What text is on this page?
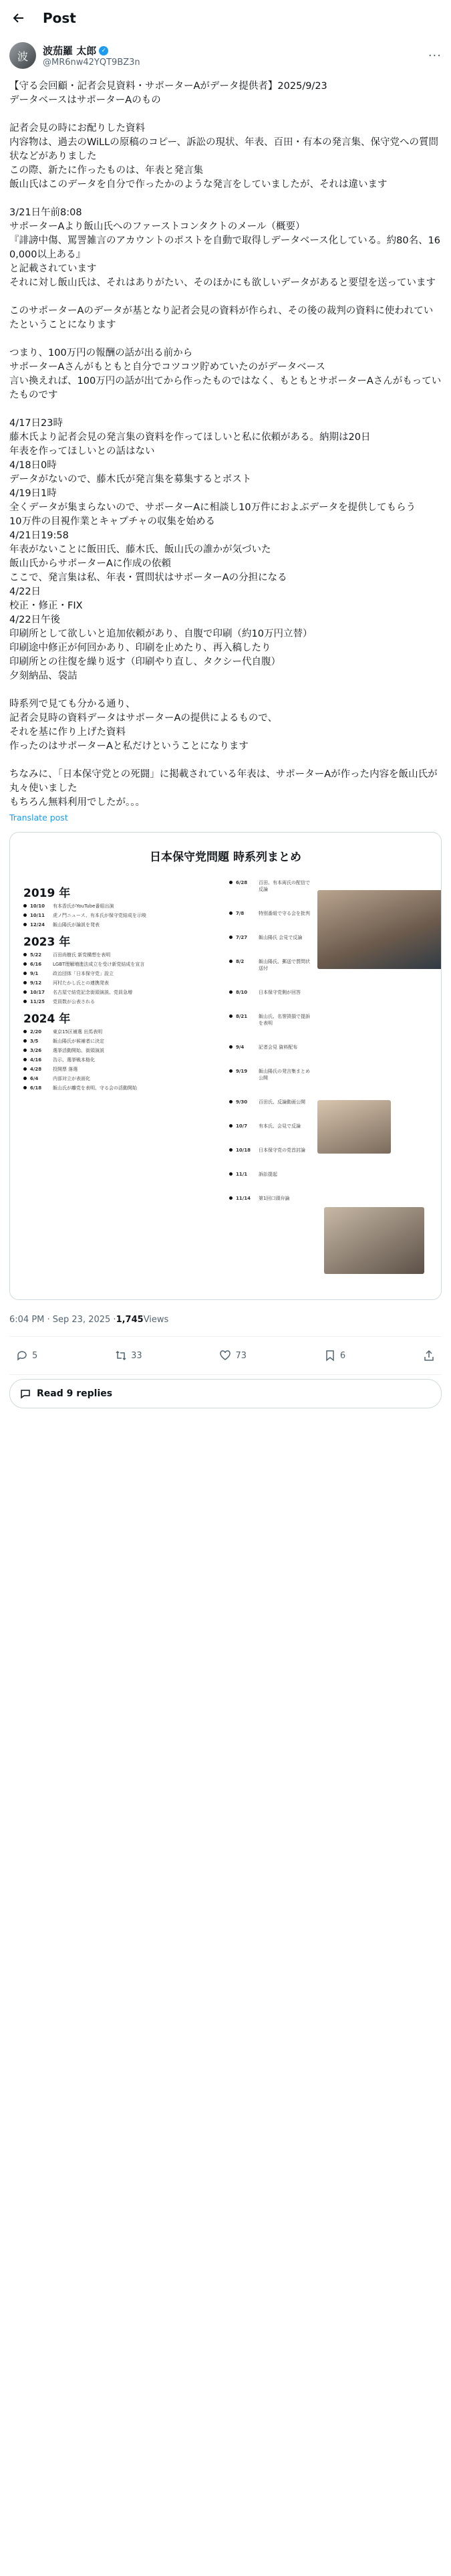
Post
波 波茄羅 太郎 ✓
@MR6nw42YQT9BZ3n	···
【守る会回顧・記者会見資料・サポーターAがデータ提供者】2025/9/23
データベースはサポーターAのもの

記者会見の時にお配りした資料
内容物は、過去のWiLLの原稿のコピー、訴訟の現状、年表、百田・有本の発言集、保守党への質問状などがありました
この際、新たに作ったものは、年表と発言集
飯山氏はこのデータを自分で作ったかのような発言をしていましたが、それは違います

3/21日午前8:08
サポーターAより飯山氏へのファーストコンタクトのメール（概要）
『誹謗中傷、罵詈雑言のアカウントのポストを自動で取得しデータベース化している。約80名、160,000以上ある』
と記載されています
それに対し飯山氏は、それはありがたい、そのほかにも欲しいデータがあると要望を送っています

このサポーターAのデータが基となり記者会見の資料が作られ、その後の裁判の資料に使われていたということになります

つまり、100万円の報酬の話が出る前から
サポーターAさんがもともと自分でコツコツ貯めていたのがデータベース
言い換えれば、100万円の話が出てから作ったものではなく、もともとサポーターAさんがもっていたものです

4/17日23時
藤木氏より記者会見の発言集の資料を作ってほしいと私に依頼がある。納期は20日
年表を作ってほしいとの話はない
4/18日0時
データがないので、藤木氏が発言集を募集するとポスト
4/19日1時
全くデータが集まらないので、サポーターAに相談し10万件におよぶデータを提供してもらう
10万件の目視作業とキャプチャの収集を始める
4/21日19:58
年表がないことに飯田氏、藤木氏、飯山氏の誰かが気づいた
飯山氏からサポーターAに作成の依頼
ここで、発言集は私、年表・質問状はサポーターAの分担になる
4/22日
校正・修正・FIX
4/22日午後
印刷所として欲しいと追加依頼があり、自腹で印刷（約10万円立替）
印刷途中修正が何回かあり、印刷を止めたり、再入稿したり
印刷所との往復を繰り返す（印刷やり直し、タクシー代自腹）
夕刻納品、袋詰

時系列で見ても分かる通り、
記者会見時の資料データはサポーターAの提供によるもので、
それを基に作り上げた資料
作ったのはサポーターAと私だけということになります

ちなみに、「日本保守党との死闘」に掲載されている年表は、サポーターAが作った内容を飯山氏が丸々使いました
もちろん無料利用でしたが。。。
Translate post
日本保守党問題 時系列まとめ
2019 年
10/10	有本香氏がYouTube番組出演
10/11	虎ノ門ニュース、有本氏が保守党結成を示唆
12/24	飯山陽氏が論説を発表
2023 年
5/22	百田尚樹氏 新党構想を表明
6/16	LGBT理解増進法成立を受け新党結成を宣言
9/1	政治団体「日本保守党」設立
9/12	河村たかし氏との連携発表
10/17	名古屋で結党記念街頭演説、党員急増
11/25	党員数が公表される
2024 年
2/20	東京15区補選 出馬表明
3/5	飯山陽氏が候補者に決定
3/26	選挙活動開始、街頭演説
4/16	告示、選挙戦本格化
4/28	投開票 落選
6/4	内部対立が表面化
6/18	飯山氏が離党を表明、守る会の活動開始
6/28	百田、有本両氏の配信で反論
7/8	特別番組で守る会を批判
7/27	飯山陽氏 会見で反論
8/2	飯山陽氏、郵送で質問状送付
8/10	日本保守党側が回答
8/21	飯山氏、名誉毀損で提訴を表明
9/4	記者会見 資料配布
9/19	飯山陽氏の発言集まとめ公開
9/30	百田氏、反論動画公開
10/7	有本氏、会見で反論
10/18	日本保守党の党首討論
11/1	訴訟提起
11/14	第1回口頭弁論
6:04 PM · Sep 23, 2025 · 1,745 Views
5	33	73	6
Read 9 replies
